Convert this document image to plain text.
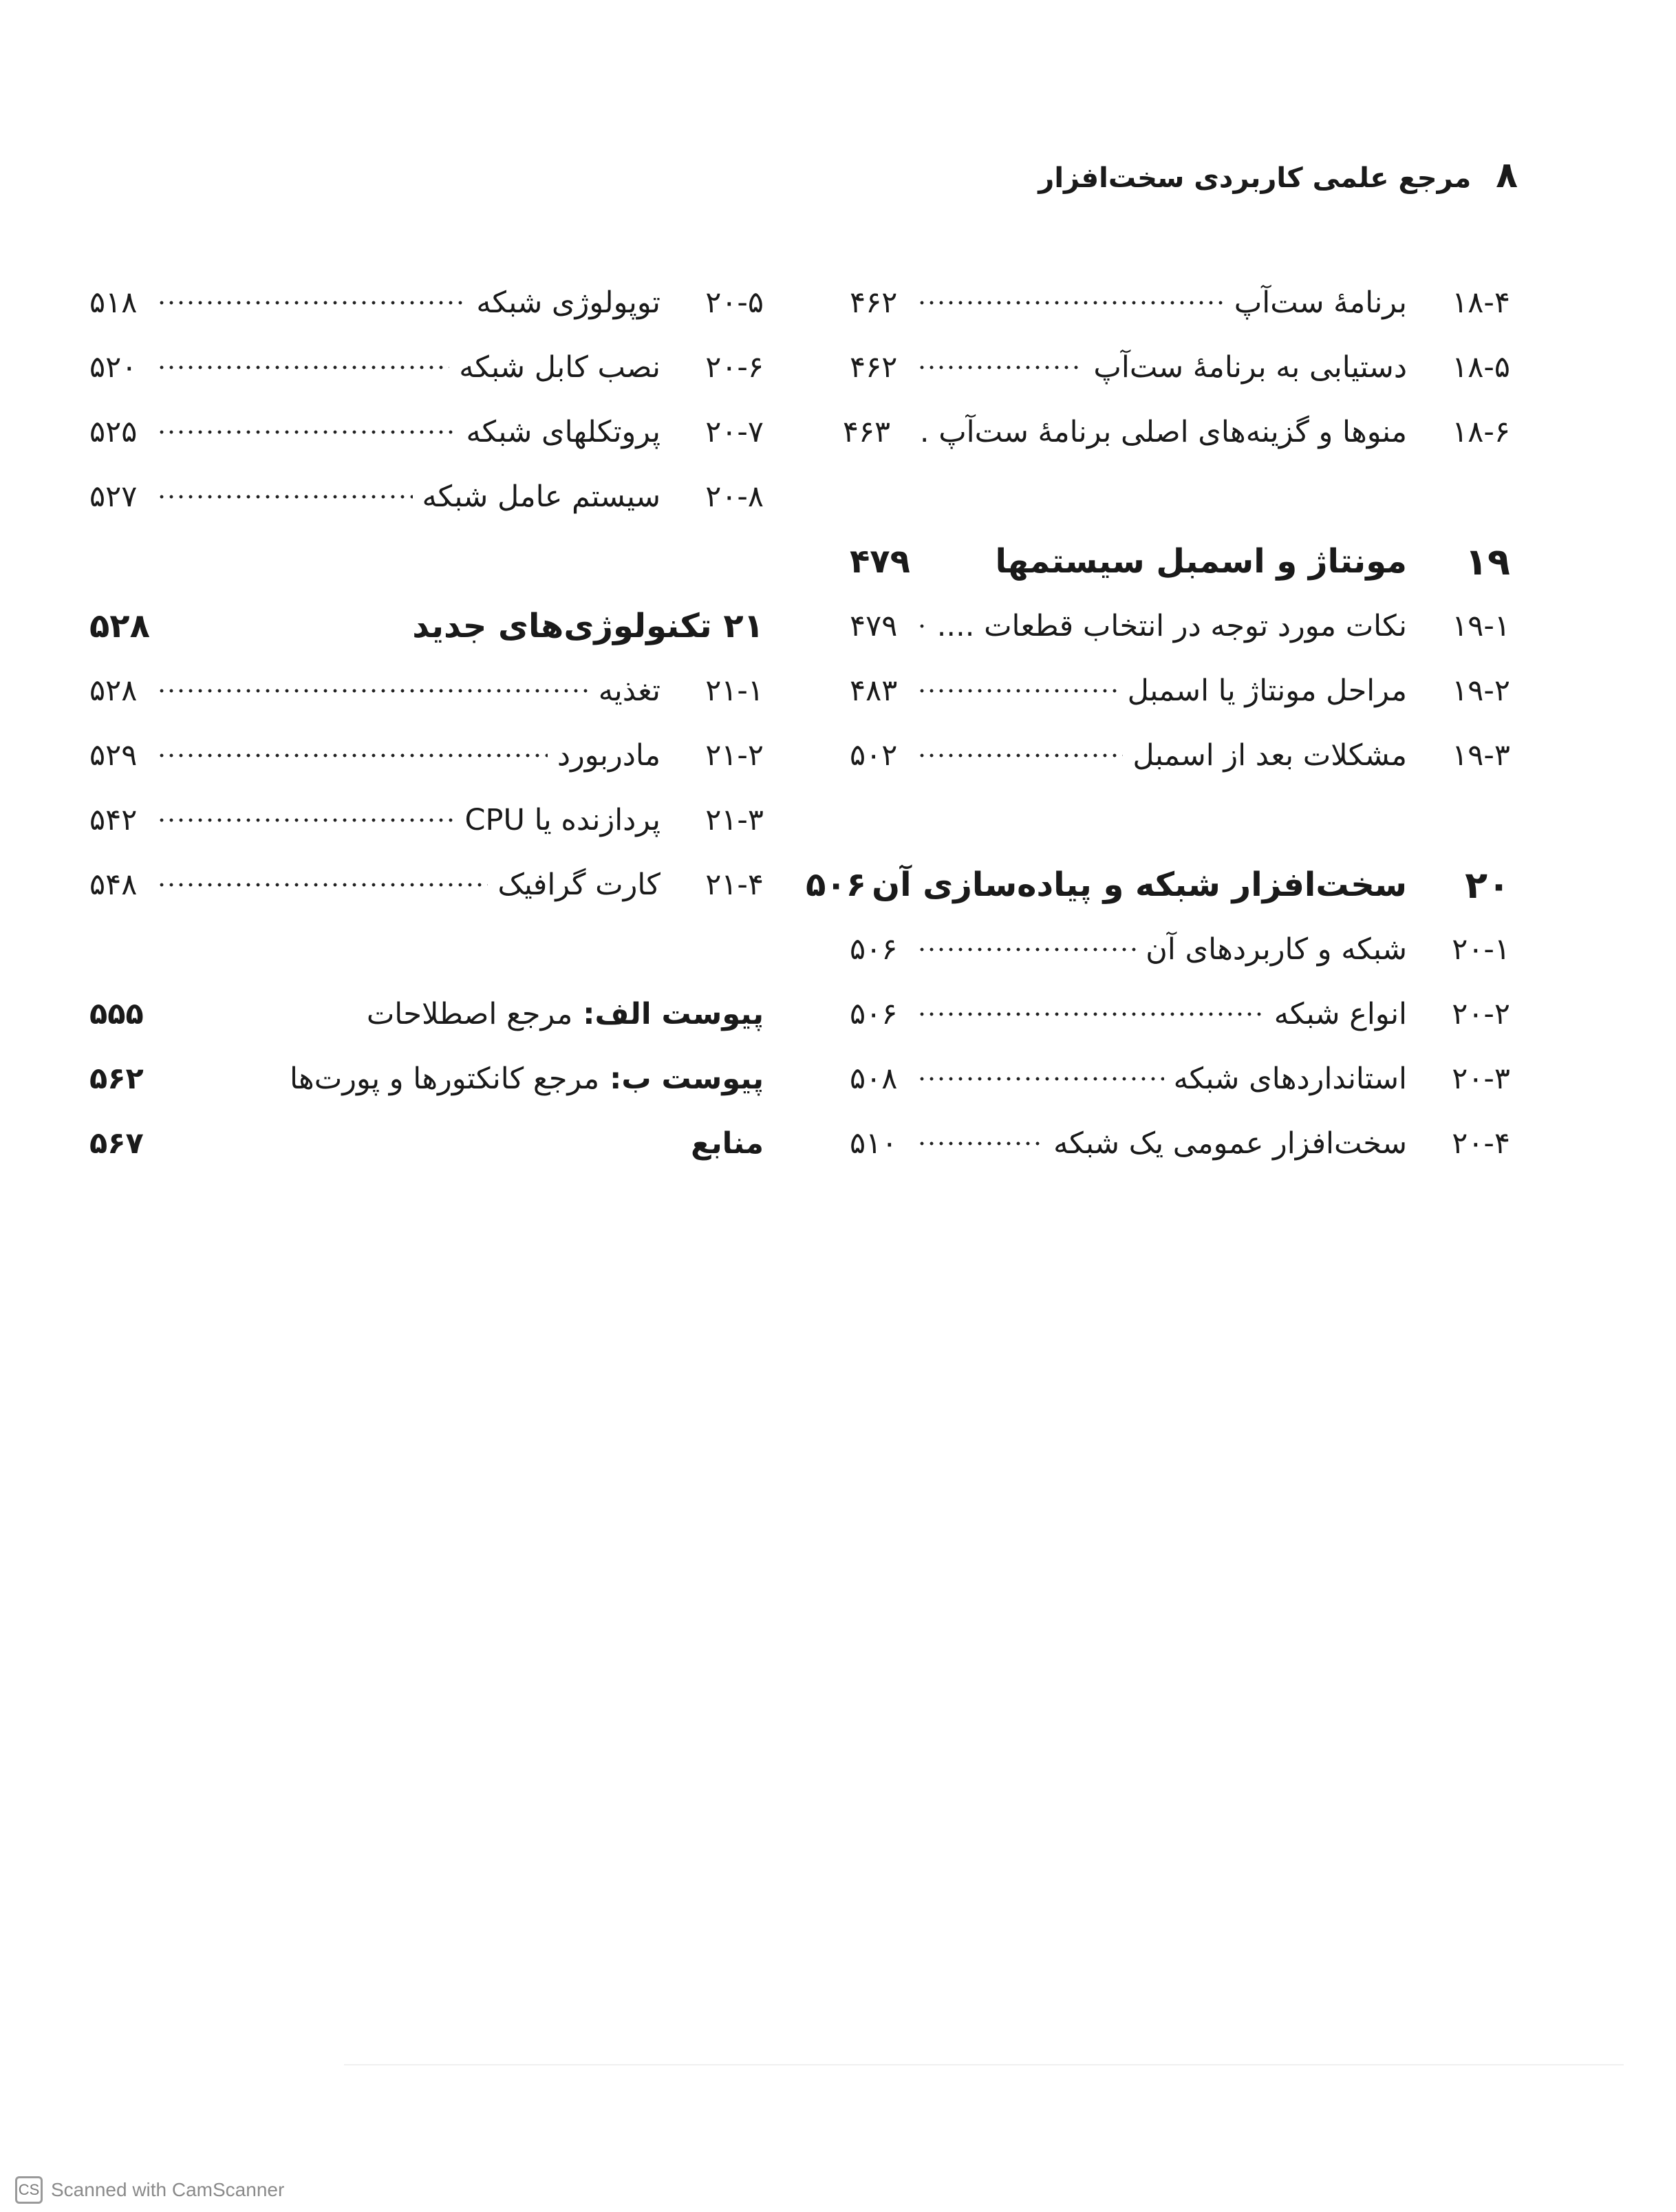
۸
مرجع علمی کاربردی سخت‌افزار
۱۸-۴
برنامهٔ ست‌آپ
۴۶۲
۱۸-۵
دستیابی به برنامهٔ ست‌آپ
۴۶۲
۱۸-۶
منوها و گزینه‌های اصلی برنامهٔ ست‌آپ .
۴۶۳
۱۹
مونتاژ و اسمبل سیستمها
۴۷۹
۱۹-۱
نکات مورد توجه در انتخاب قطعات ....
۴۷۹
۱۹-۲
مراحل مونتاژ یا اسمبل
۴۸۳
۱۹-۳
مشکلات بعد از اسمبل
۵۰۲
۲۰
سخت‌افزار شبکه و پیاده‌سازی آن
۵۰۶
۲۰-۱
شبکه و کاربردهای آن
۵۰۶
۲۰-۲
انواع شبکه
۵۰۶
۲۰-۳
استانداردهای شبکه
۵۰۸
۲۰-۴
سخت‌افزار عمومی یک شبکه
۵۱۰
۲۰-۵
توپولوژی شبکه
۵۱۸
۲۰-۶
نصب کابل شبکه
۵۲۰
۲۰-۷
پروتکلهای شبکه
۵۲۵
۲۰-۸
سیستم عامل شبکه
۵۲۷
۲۱ تکنولوژی‌های جدید
۵۲۸
۲۱-۱
تغذیه
۵۲۸
۲۱-۲
مادربورد
۵۲۹
۲۱-۳
پردازنده یا CPU
۵۴۲
۲۱-۴
کارت گرافیک
۵۴۸
پیوست الف: مرجع اصطلاحات
۵۵۵
پیوست ب: مرجع کانکتورها و پورت‌ها
۵۶۲
منابع
۵۶۷
CS Scanned with CamScanner
